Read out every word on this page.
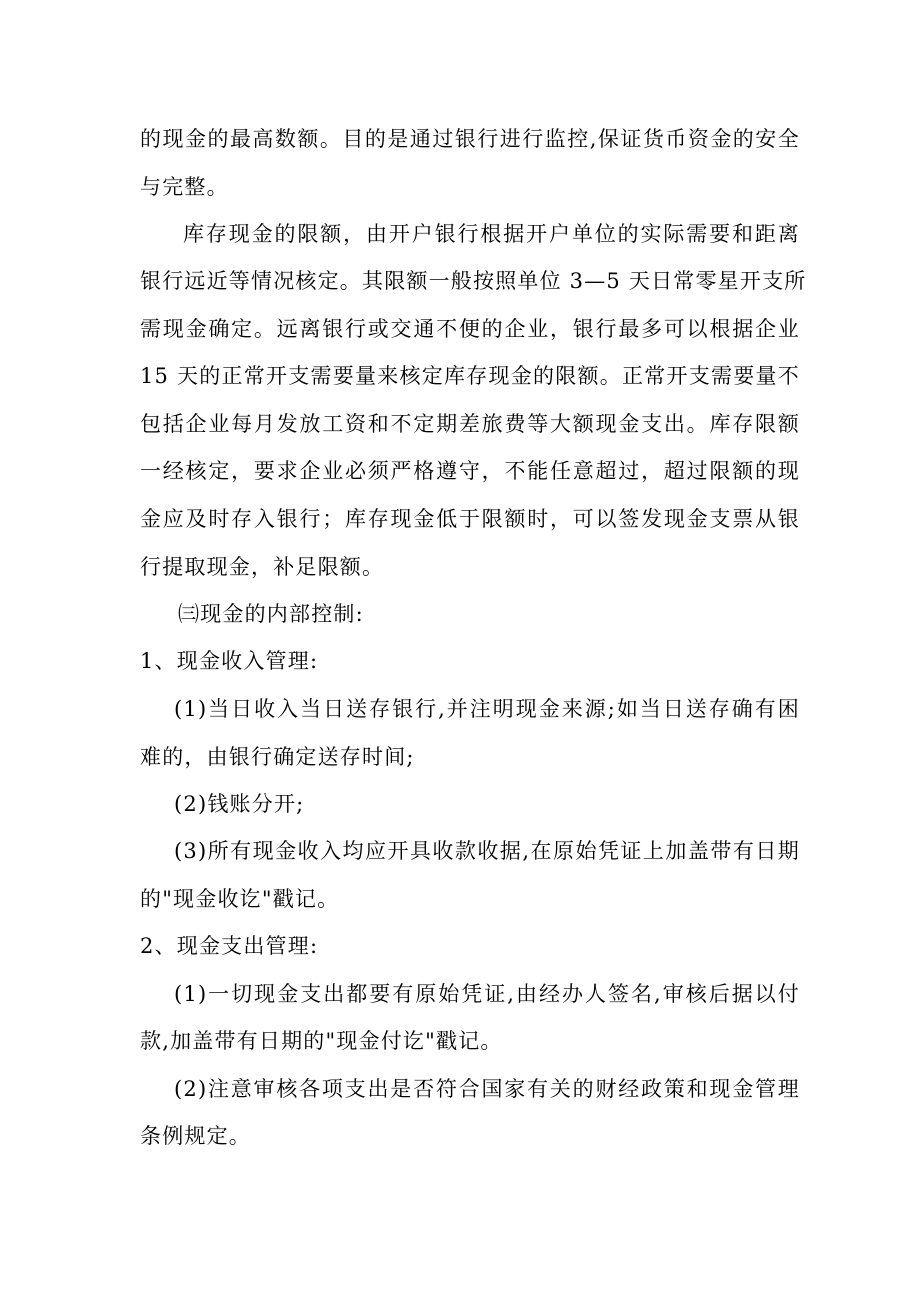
的现金的最高数额。目的是通过银行进行监控,保证货币资金的安全
与完整。
库存现金的限额，由开户银行根据开户单位的实际需要和距离
银行远近等情况核定。其限额一般按照单位 3—5 天日常零星开支所
需现金确定。远离银行或交通不便的企业，银行最多可以根据企业
15 天的正常开支需要量来核定库存现金的限额。正常开支需要量不
包括企业每月发放工资和不定期差旅费等大额现金支出。库存限额
一经核定，要求企业必须严格遵守，不能任意超过，超过限额的现
金应及时存入银行；库存现金低于限额时，可以签发现金支票从银
行提取现金，补足限额。
㈢现金的内部控制:
1、现金收入管理:
(1)当日收入当日送存银行,并注明现金来源;如当日送存确有困
难的，由银行确定送存时间;
(2)钱账分开;
(3)所有现金收入均应开具收款收据,在原始凭证上加盖带有日期
的"现金收讫"戳记。
2、现金支出管理:
(1)一切现金支出都要有原始凭证,由经办人签名,审核后据以付
款,加盖带有日期的"现金付讫"戳记。
(2)注意审核各项支出是否符合国家有关的财经政策和现金管理
条例规定。
